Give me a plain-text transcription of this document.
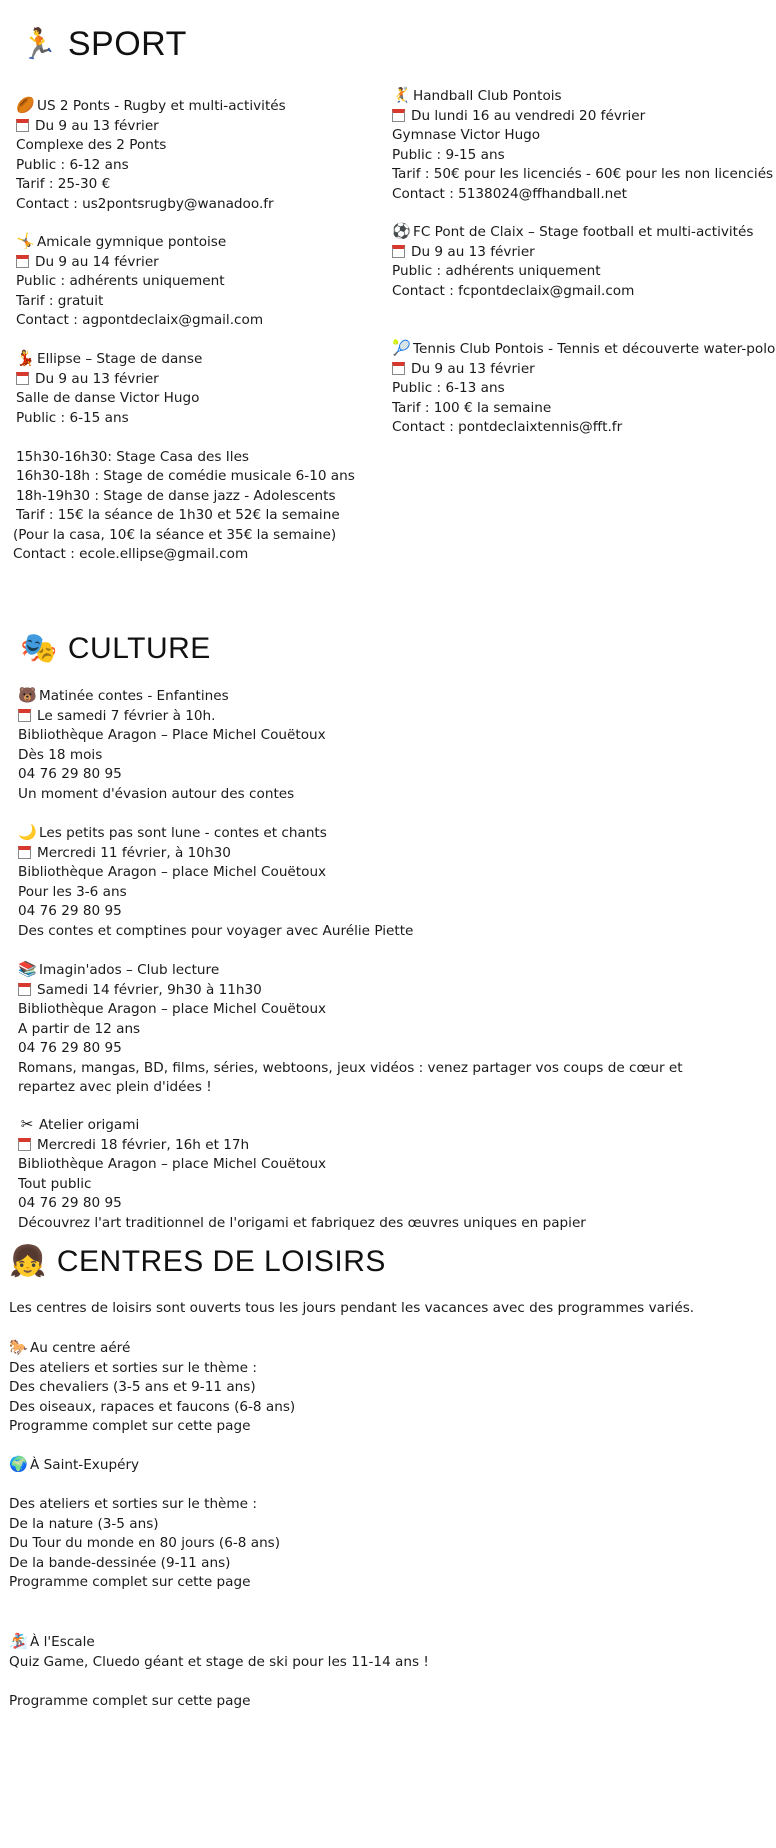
🏃 SPORT
🏉 US 2 Ponts - Rugby et multi-activités
Du 9 au 13 février
Complexe des 2 Ponts
Public : 6-12 ans
Tarif : 25-30 €
Contact : us2pontsrugby@wanadoo.fr
🤸 Amicale gymnique pontoise
Du 9 au 14 février
Public : adhérents uniquement
Tarif : gratuit
Contact : agpontdeclaix@gmail.com
💃 Ellipse – Stage de danse
Du 9 au 13 février
Salle de danse Victor Hugo
Public : 6-15 ans
15h30-16h30: Stage Casa des Iles
16h30-18h : Stage de comédie musicale 6-10 ans
18h-19h30 : Stage de danse jazz - Adolescents
Tarif : 15€ la séance de 1h30 et 52€ la semaine
(Pour la casa, 10€ la séance et 35€ la semaine)
Contact : ecole.ellipse@gmail.com
🤾 Handball Club Pontois
Du lundi 16 au vendredi 20 février
Gymnase Victor Hugo
Public : 9-15 ans
Tarif : 50€ pour les licenciés - 60€ pour les non licenciés
Contact : 5138024@ffhandball.net
⚽ FC Pont de Claix – Stage football et multi-activités
Du 9 au 13 février
Public : adhérents uniquement
Contact : fcpontdeclaix@gmail.com
🎾 Tennis Club Pontois - Tennis et découverte water-polo
Du 9 au 13 février
Public : 6-13 ans
Tarif : 100 € la semaine
Contact : pontdeclaixtennis@fft.fr
🎭 CULTURE
🐻 Matinée contes - Enfantines
Le samedi 7 février à 10h.
Bibliothèque Aragon – Place Michel Couëtoux
Dès 18 mois
04 76 29 80 95
Un moment d'évasion autour des contes
🌙 Les petits pas sont lune - contes et chants
Mercredi 11 février, à 10h30
Bibliothèque Aragon – place Michel Couëtoux
Pour les 3-6 ans
04 76 29 80 95
Des contes et comptines pour voyager avec Aurélie Piette
📚 Imagin'ados – Club lecture
Samedi 14 février, 9h30 à 11h30
Bibliothèque Aragon – place Michel Couëtoux
A partir de 12 ans
04 76 29 80 95
Romans, mangas, BD, films, séries, webtoons, jeux vidéos : venez partager vos coups de cœur et
repartez avec plein d'idées !
✂ Atelier origami
Mercredi 18 février, 16h et 17h
Bibliothèque Aragon – place Michel Couëtoux
Tout public
04 76 29 80 95
Découvrez l'art traditionnel de l'origami et fabriquez des œuvres uniques en papier
👧 CENTRES DE LOISIRS
Les centres de loisirs sont ouverts tous les jours pendant les vacances avec des programmes variés.
🐎 Au centre aéré
Des ateliers et sorties sur le thème :
Des chevaliers (3-5 ans et 9-11 ans)
Des oiseaux, rapaces et faucons (6-8 ans)
Programme complet sur cette page
🌍 À Saint-Exupéry
Des ateliers et sorties sur le thème :
De la nature (3-5 ans)
Du Tour du monde en 80 jours (6-8 ans)
De la bande-dessinée (9-11 ans)
Programme complet sur cette page
🏂 À l'Escale
Quiz Game, Cluedo géant et stage de ski pour les 11-14 ans !
Programme complet sur cette page
